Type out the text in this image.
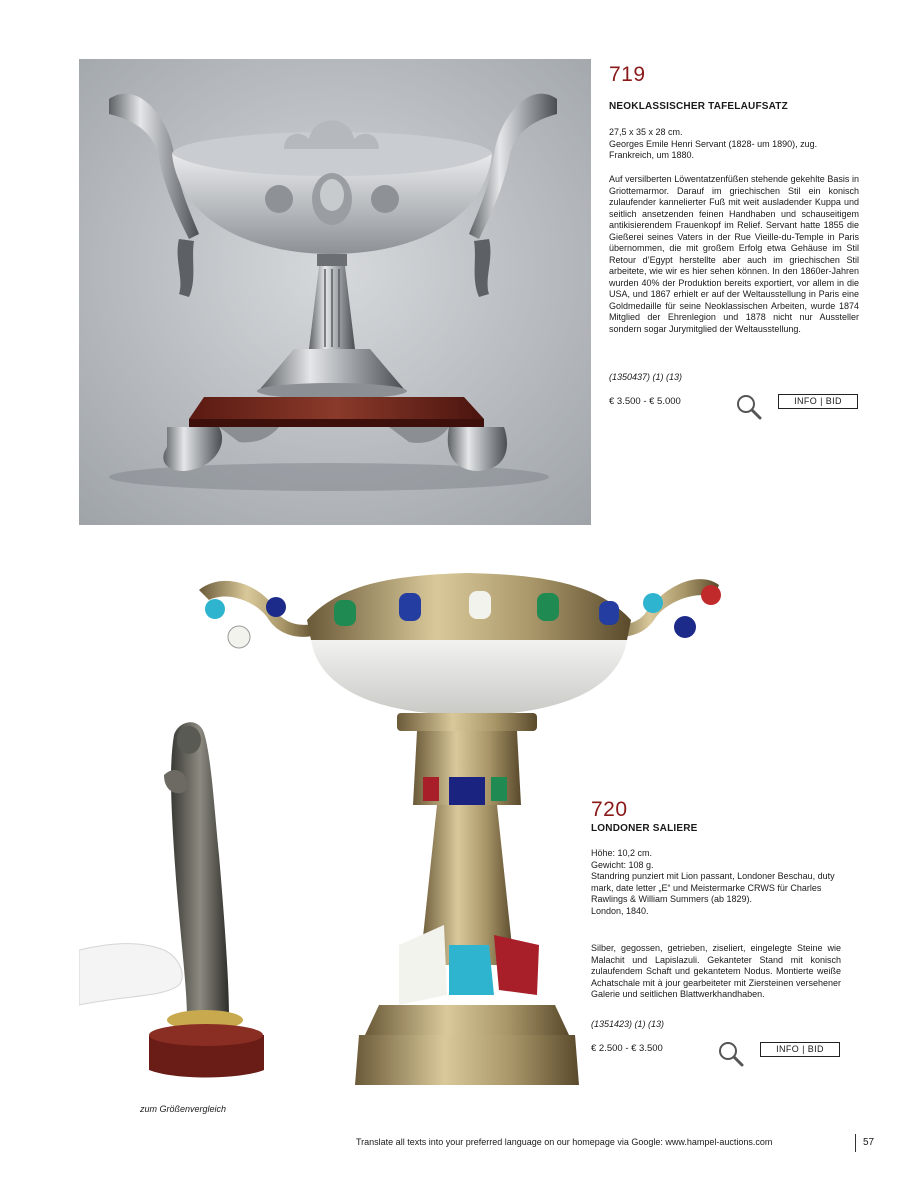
719
NEOKLASSISCHER TAFELAUFSATZ
27,5 x 35 x 28 cm.
Georges Emile Henri Servant (1828- um 1890), zug.
Frankreich, um 1880.
Auf versilberten Löwentatzenfüßen stehende gekehlte Basis in Griottemarmor. Darauf im griechischen Stil ein konisch zulaufender kannelierter Fuß mit weit ausladender Kuppa und seitlich ansetzenden feinen Handhaben und schauseitigem antikisierendem Frauenkopf im Relief. Servant hatte 1855 die Gießerei seines Vaters in der Rue Vieille-du-Temple in Paris übernommen, die mit großem Erfolg etwa Gehäuse im Stil Retour d’Egypt herstellte aber auch im griechischen Stil arbeitete, wie wir es hier sehen können. In den 1860er-Jahren wurden 40% der Produktion bereits exportiert, vor allem in die USA, und 1867 erhielt er auf der Weltausstellung in Paris eine Goldmedaille für seine Neoklassischen Arbeiten, wurde 1874 Mitglied der Ehrenlegion und 1878 nicht nur Aussteller sondern sogar Jurymitglied der Weltausstellung.
(1350437) (1) (13)
€ 3.500 - € 5.000	INFO | BID
720
LONDONER SALIERE
Höhe: 10,2 cm.
Gewicht: 108 g.
Standring punziert mit Lion passant, Londoner Beschau, duty mark, date letter „E“ und Meistermarke CRWS für Charles Rawlings & William Summers (ab 1829).
London, 1840.
Silber, gegossen, getrieben, ziseliert, eingelegte Steine wie Malachit und Lapislazuli. Gekanteter Stand mit konisch zulaufendem Schaft und gekantetem Nodus. Montierte weiße Achatschale mit à jour gearbeiteter mit Ziersteinen versehener Galerie und seitlichen Blattwerkhandhaben.
(1351423) (1) (13)
€ 2.500 - € 3.500	INFO | BID
zum Größenvergleich
Translate all texts into your preferred language on our homepage via Google: www.hampel-auctions.com	57
